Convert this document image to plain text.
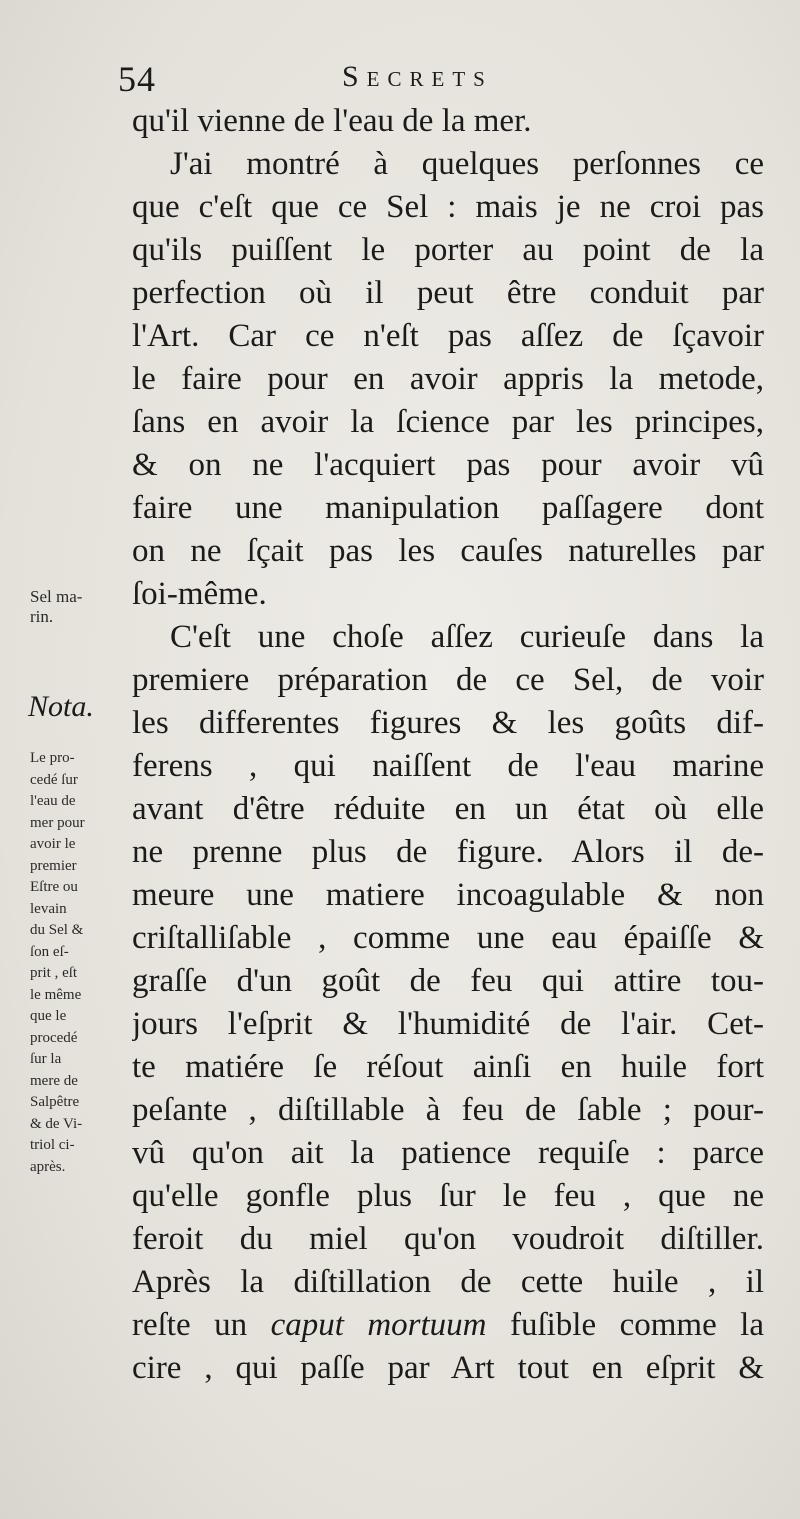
54	Secrets
qu'il vienne de l'eau de la mer.
J'ai montré à quelques perſonnes ce
que c'eſt que ce Sel : mais je ne croi pas
qu'ils puiſſent le porter au point de la
perfection où il peut être conduit par
l'Art. Car ce n'eſt pas aſſez de ſçavoir
le faire pour en avoir appris la metode,
ſans en avoir la ſcience par les principes,
& on ne l'acquiert pas pour avoir vû
faire une manipulation paſſagere dont
on ne ſçait pas les cauſes naturelles par
ſoi-même.
C'eſt une choſe aſſez curieuſe dans la
premiere préparation de ce Sel, de voir
les differentes figures & les goûts dif-
ferens , qui naiſſent de l'eau marine
avant d'être réduite en un état où elle
ne prenne plus de figure. Alors il de-
meure une matiere incoagulable & non
criſtalliſable , comme une eau épaiſſe &
graſſe d'un goût de feu qui attire tou-
jours l'eſprit & l'humidité de l'air. Cet-
te matiére ſe réſout ainſi en huile fort
peſante , diſtillable à feu de ſable ; pour-
vû qu'on ait la patience requiſe : parce
qu'elle gonfle plus ſur le feu , que ne
feroit du miel qu'on voudroit diſtiller.
Après la diſtillation de cette huile , il
reſte un caput mortuum fuſible comme la
cire , qui paſſe par Art tout en eſprit &
Sel ma-
rin.
Nota.
Le pro-
cedé ſur
l'eau de
mer pour
avoir le
premier
Eſtre ou
levain
du Sel &
ſon eſ-
prit , eſt
le même
que le
procedé
ſur la
mere de
Salpêtre
& de Vi-
triol ci-
après.
